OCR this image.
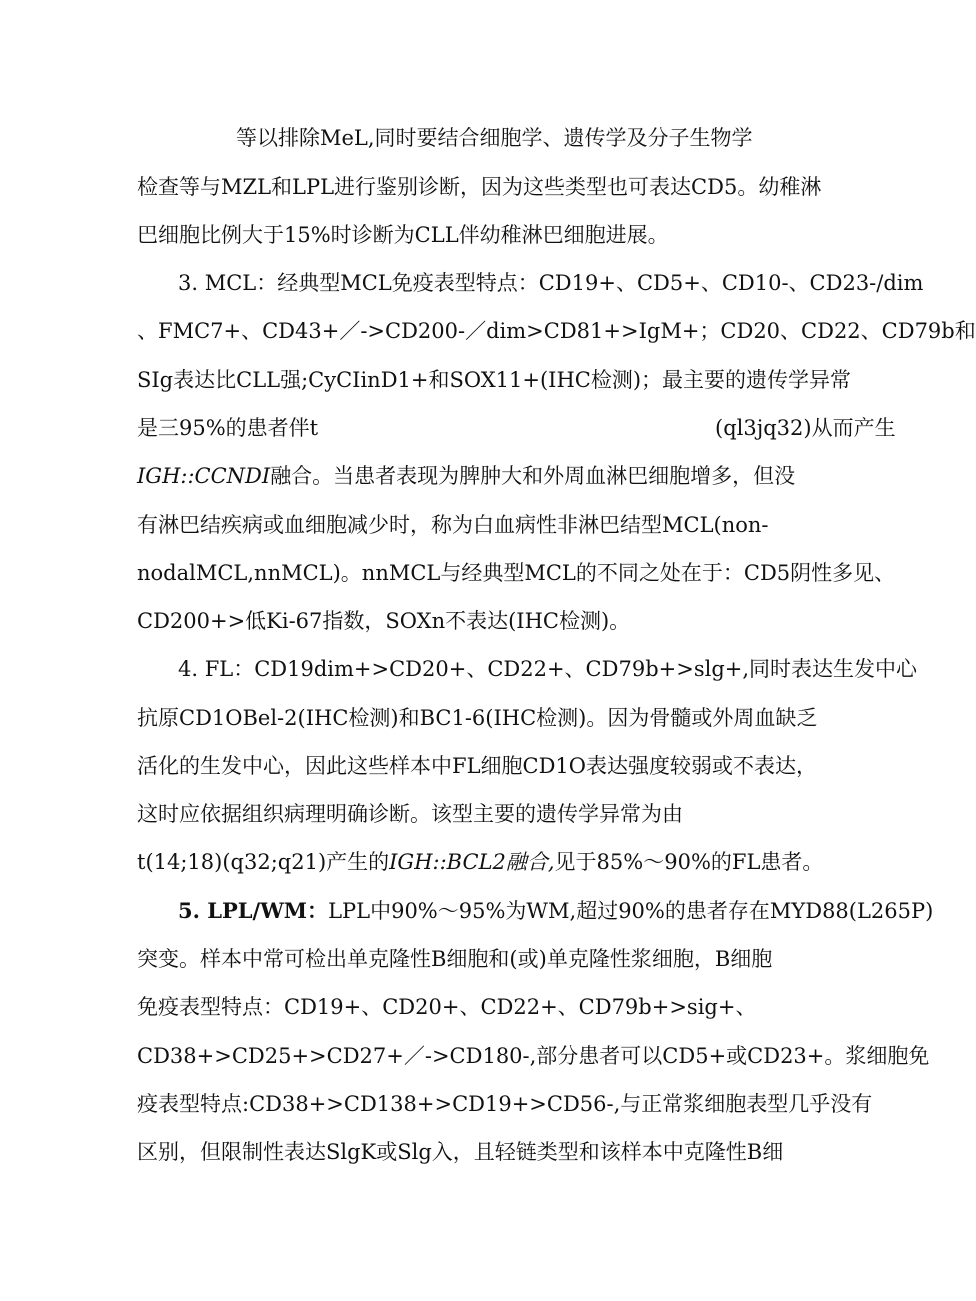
等以排除MeL,同时要结合细胞学、遗传学及分子生物学
检查等与MZL和LPL进行鉴别诊断，因为这些类型也可表达CD5。幼稚淋
巴细胞比例大于15%时诊断为CLL伴幼稚淋巴细胞进展。
3. MCL：经典型MCL免疫表型特点：CD19+、CD5+、CD10-、CD23-/dim
、FMC7+、CD43+／->CD200-／dim>CD81+>IgM+；CD20、CD22、CD79b和
SIg表达比CLL强;CyCIinD1+和SOX11+(IHC检测)；最主要的遗传学异常
是三95%的患者伴t	(ql3jq32)从而产生
IGH::CCNDI融合。当患者表现为脾肿大和外周血淋巴细胞增多，但没
有淋巴结疾病或血细胞减少时，称为白血病性非淋巴结型MCL(non-
nodalMCL,nnMCL)。nnMCL与经典型MCL的不同之处在于：CD5阴性多见、
CD200+>低Ki-67指数，SOXn不表达(IHC检测)。
4. FL：CD19dim+>CD20+、CD22+、CD79b+>slg+,同时表达生发中心
抗原CD1OBel-2(IHC检测)和BC1-6(IHC检测)。因为骨髓或外周血缺乏
活化的生发中心，因此这些样本中FL细胞CD1O表达强度较弱或不表达，
这时应依据组织病理明确诊断。该型主要的遗传学异常为由
t(14;18)(q32;q21)产生的IGH::BCL2融合,见于85%～90%的FL患者。
5. LPL/WM：LPL中90%～95%为WM,超过90%的患者存在MYD88(L265P)
突变。样本中常可检出单克隆性B细胞和(或)单克隆性浆细胞，B细胞
免疫表型特点：CD19+、CD20+、CD22+、CD79b+>sig+、
CD38+>CD25+>CD27+／->CD180-,部分患者可以CD5+或CD23+。浆细胞免
疫表型特点:CD38+>CD138+>CD19+>CD56-,与正常浆细胞表型几乎没有
区别，但限制性表达SlgK或Slg入，且轻链类型和该样本中克隆性B细
